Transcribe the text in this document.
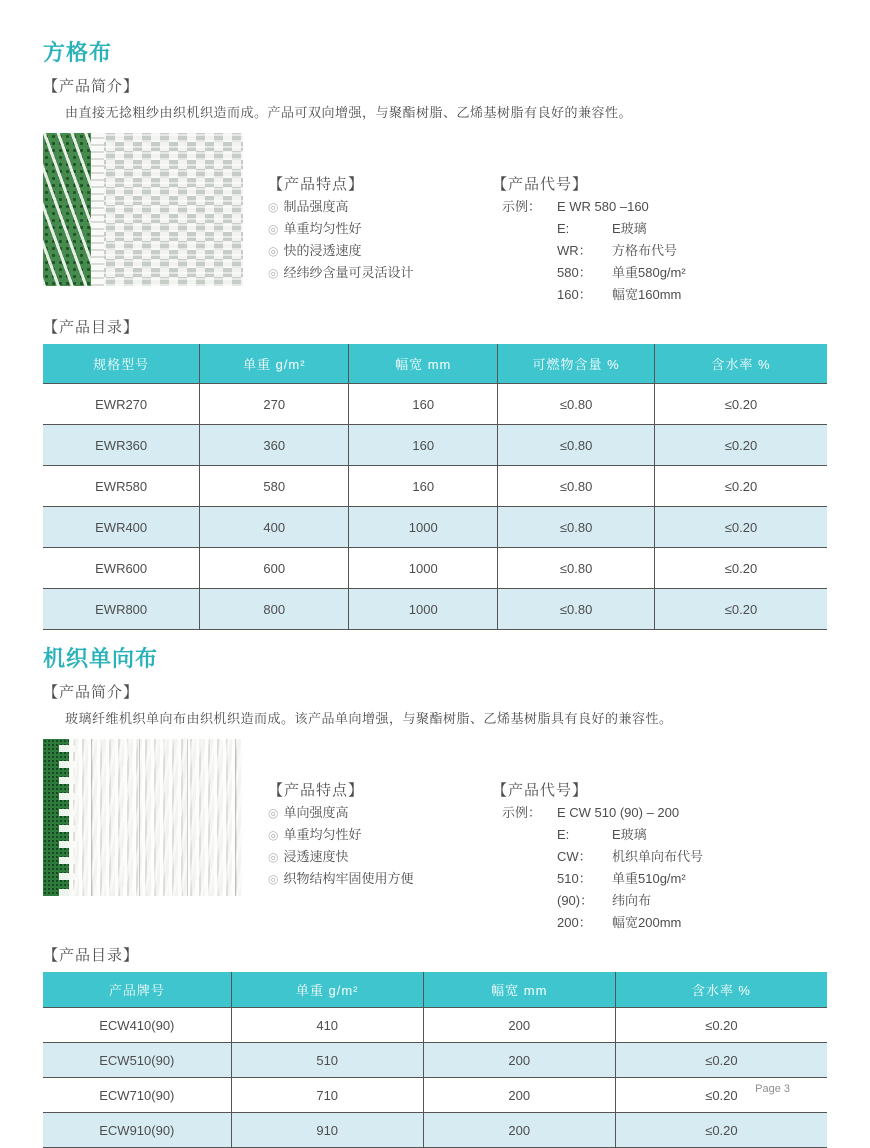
方格布
【产品简介】

由直接无捻粗纱由织机织造而成。产品可双向增强，与聚酯树脂、乙烯基树脂有良好的兼容性。

【产品特点】
◎ 制品强度高
◎ 单重均匀性好
◎ 快的浸透速度
◎ 经纬纱含量可灵活设计
【产品代号】
示例：	E WR 580 –160
E:	E玻璃
WR：	方格布代号
580：	单重580g/m²
160：	幅宽160mm
【产品目录】
规格型号	单重 g/m²	幅宽 mm	可燃物含量 %	含水率 %
EWR270	270	160	≤0.80	≤0.20
EWR360	360	160	≤0.80	≤0.20
EWR580	580	160	≤0.80	≤0.20
EWR400	400	1000	≤0.80	≤0.20
EWR600	600	1000	≤0.80	≤0.20
EWR800	800	1000	≤0.80	≤0.20
机织单向布
【产品简介】

玻璃纤维机织单向布由织机织造而成。该产品单向增强，与聚酯树脂、乙烯基树脂具有良好的兼容性。

【产品特点】
◎ 单向强度高
◎ 单重均匀性好
◎ 浸透速度快
◎ 织物结构牢固使用方便
【产品代号】
示例：	E CW 510 (90) – 200
E:	E玻璃
CW：	机织单向布代号
510：	单重510g/m²
(90)：	纬向布
200：	幅宽200mm
【产品目录】
产品牌号	单重 g/m²	幅宽 mm	含水率 %
ECW410(90)	410	200	≤0.20
ECW510(90)	510	200	≤0.20
ECW710(90)	710	200	≤0.20
ECW910(90)	910	200	≤0.20
Page 3
